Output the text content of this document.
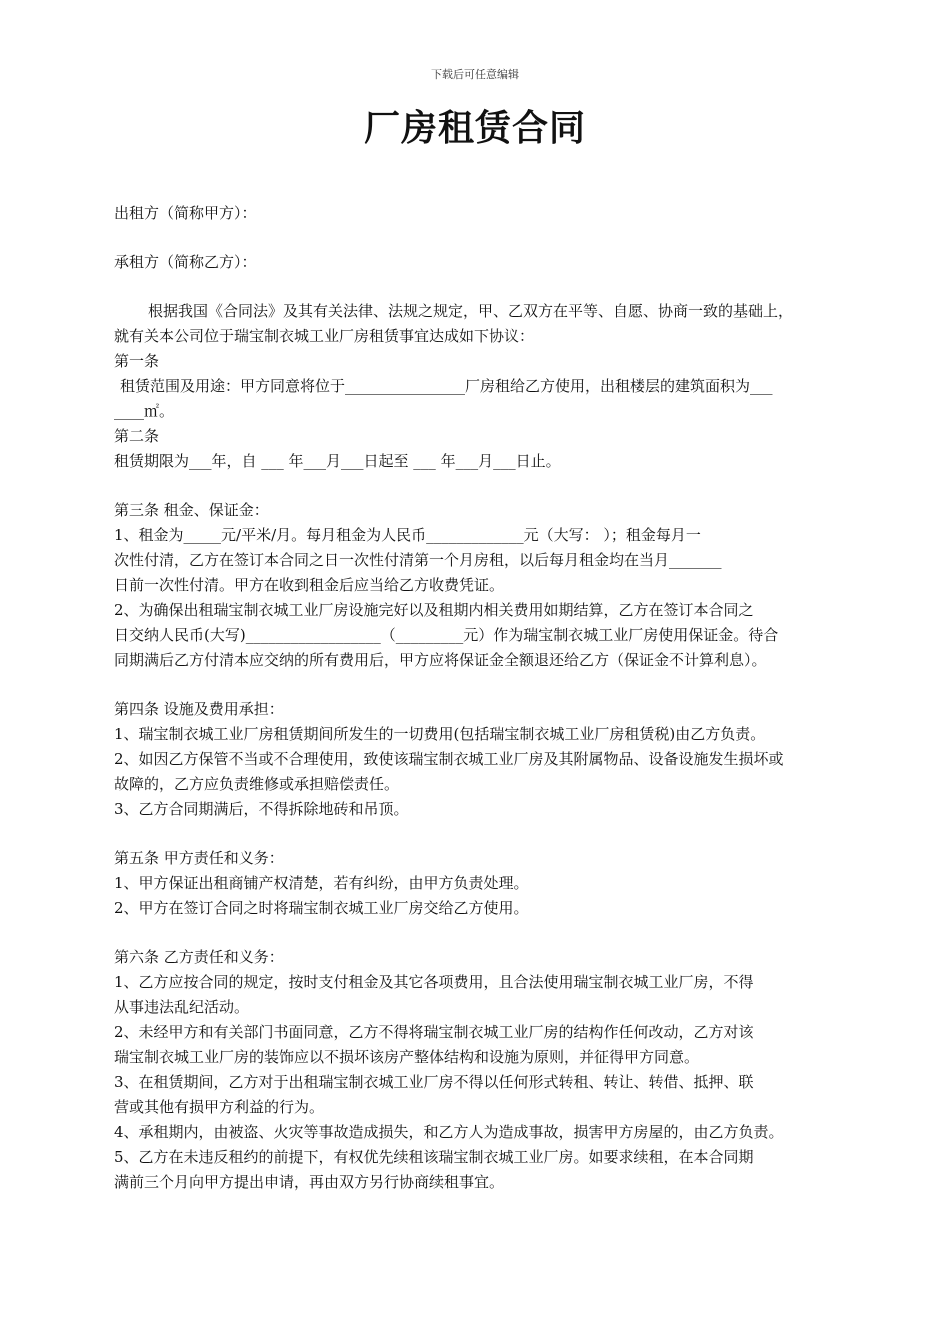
下载后可任意编辑
厂房租赁合同
出租方（简称甲方）：
承租方（简称乙方）：
根据我国《合同法》及其有关法律、法规之规定，甲、乙双方在平等、自愿、协商一致的基础上，
就有关本公司位于瑞宝制衣城工业厂房租赁事宜达成如下协议：
第一条
租赁范围及用途：甲方同意将位于________________厂房租给乙方使用，出租楼层的建筑面积为___
____㎡。
第二条
租赁期限为___年，自 ___ 年___月___日起至 ___ 年___月___日止。
第三条 租金、保证金：
1、租金为_____元/平米/月。每月租金为人民币_____________元（大写： ）；租金每月一
次性付清，乙方在签订本合同之日一次性付清第一个月房租，以后每月租金均在当月_______
日前一次性付清。甲方在收到租金后应当给乙方收费凭证。
2、为确保出租瑞宝制衣城工业厂房设施完好以及租期内相关费用如期结算，乙方在签订本合同之
日交纳人民币(大写)__________________（_________元）作为瑞宝制衣城工业厂房使用保证金。待合
同期满后乙方付清本应交纳的所有费用后，甲方应将保证金全额退还给乙方（保证金不计算利息）。
第四条 设施及费用承担：
1、瑞宝制衣城工业厂房租赁期间所发生的一切费用(包括瑞宝制衣城工业厂房租赁税)由乙方负责。
2、如因乙方保管不当或不合理使用，致使该瑞宝制衣城工业厂房及其附属物品、设备设施发生损坏或
故障的，乙方应负责维修或承担赔偿责任。
3、乙方合同期满后，不得拆除地砖和吊顶。
第五条 甲方责任和义务：
1、甲方保证出租商铺产权清楚，若有纠纷，由甲方负责处理。
2、甲方在签订合同之时将瑞宝制衣城工业厂房交给乙方使用。
第六条 乙方责任和义务：
1、乙方应按合同的规定，按时支付租金及其它各项费用，且合法使用瑞宝制衣城工业厂房，不得
从事违法乱纪活动。
2、未经甲方和有关部门书面同意，乙方不得将瑞宝制衣城工业厂房的结构作任何改动，乙方对该
瑞宝制衣城工业厂房的装饰应以不损坏该房产整体结构和设施为原则，并征得甲方同意。
3、在租赁期间，乙方对于出租瑞宝制衣城工业厂房不得以任何形式转租、转让、转借、抵押、联
营或其他有损甲方利益的行为。
4、承租期内，由被盗、火灾等事故造成损失，和乙方人为造成事故，损害甲方房屋的，由乙方负责。
5、乙方在未违反租约的前提下，有权优先续租该瑞宝制衣城工业厂房。如要求续租，在本合同期
满前三个月向甲方提出申请，再由双方另行协商续租事宜。
